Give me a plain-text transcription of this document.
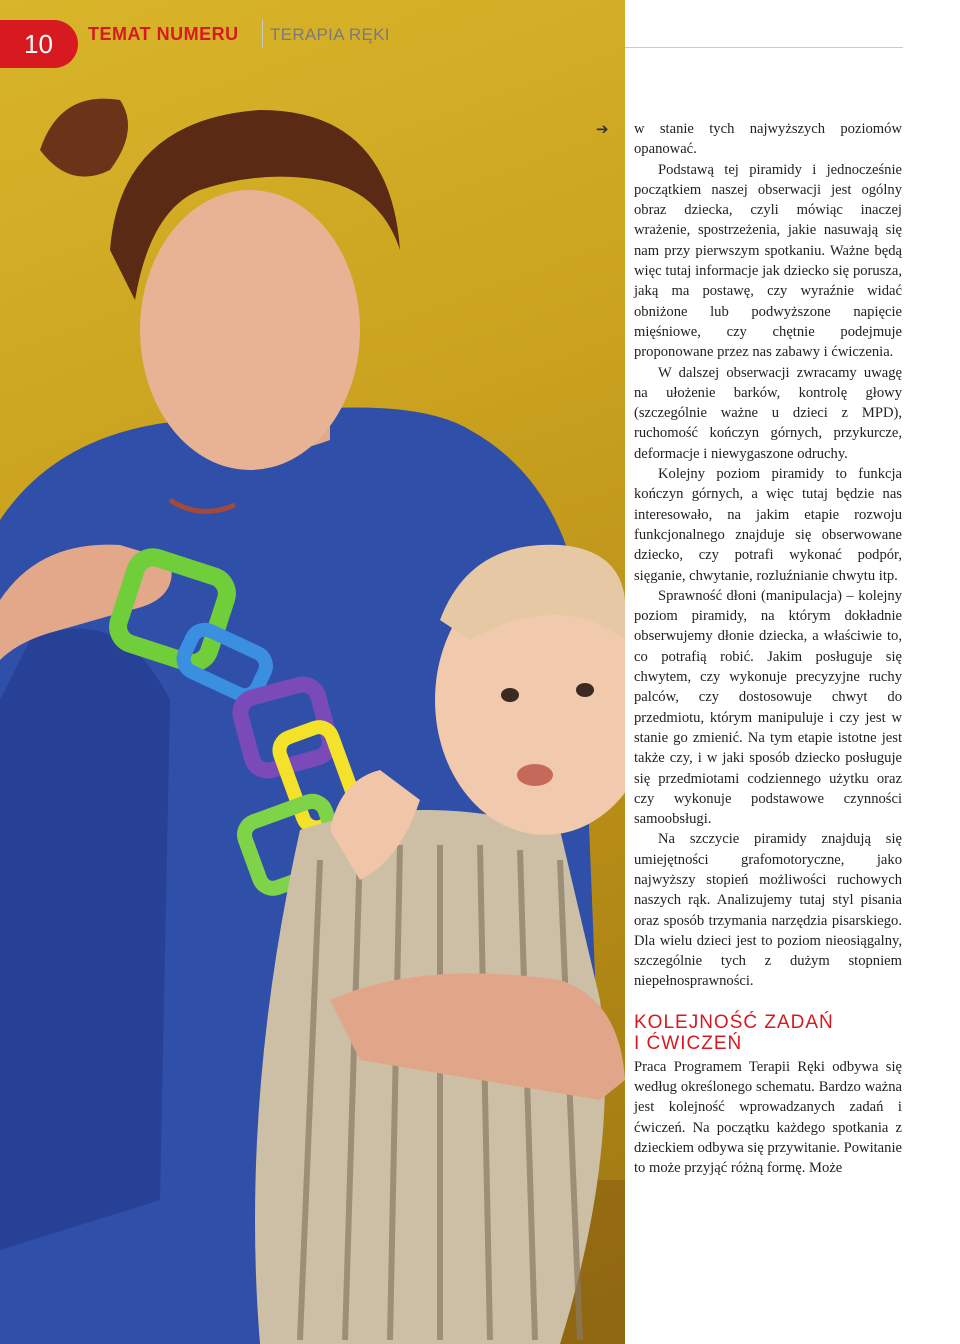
10	TEMAT NUMERU TERAPIA RĘKI
➔ w stanie tych najwyższych poziomów opanować.

Podstawą tej piramidy i jednocześnie początkiem naszej obserwacji jest ogólny obraz dziecka, czyli mówiąc inaczej wrażenie, spostrzeżenia, jakie nasuwają się nam przy pierwszym spotkaniu. Ważne będą więc tutaj informacje jak dziecko się porusza, jaką ma postawę, czy wyraźnie widać obniżone lub podwyższone napięcie mięśniowe, czy chętnie podejmuje proponowane przez nas zabawy i ćwiczenia.

W dalszej obserwacji zwracamy uwagę na ułożenie barków, kontrolę głowy (szczególnie ważne u dzieci z MPD), ruchomość kończyn górnych, przykurcze, deformacje i niewygaszone odruchy.

Kolejny poziom piramidy to funkcja kończyn górnych, a więc tutaj będzie nas interesowało, na jakim etapie rozwoju funkcjonalnego znajduje się obserwowane dziecko, czy potrafi wykonać podpór, sięganie, chwytanie, rozluźnianie chwytu itp.

Sprawność dłoni (manipulacja) – kolejny poziom piramidy, na którym dokładnie obserwujemy dłonie dziecka, a właściwie to, co potrafią robić. Jakim posługuje się chwytem, czy wykonuje precyzyjne ruchy palców, czy dostosowuje chwyt do przedmiotu, którym manipuluje i czy jest w stanie go zmienić. Na tym etapie istotne jest także czy, i w jaki sposób dziecko posługuje się przedmiotami codziennego użytku oraz czy wykonuje podstawowe czynności samoobsługi.

Na szczycie piramidy znajdują się umiejętności grafomotoryczne, jako najwyższy stopień możliwości ruchowych naszych rąk. Analizujemy tutaj styl pisania oraz sposób trzymania narzędzia pisarskiego. Dla wielu dzieci jest to poziom nieosiągalny, szczególnie tych z dużym stopniem niepełnosprawności.

KOLEJNOŚĆ ZADAŃ
I ĆWICZEŃ

Praca Programem Terapii Ręki odbywa się według określonego schematu. Bardzo ważna jest kolejność wprowadzanych zadań i ćwiczeń. Na początku każdego spotkania z dzieckiem odbywa się przywitanie. Powitanie to może przyjąć różną formę. Może
